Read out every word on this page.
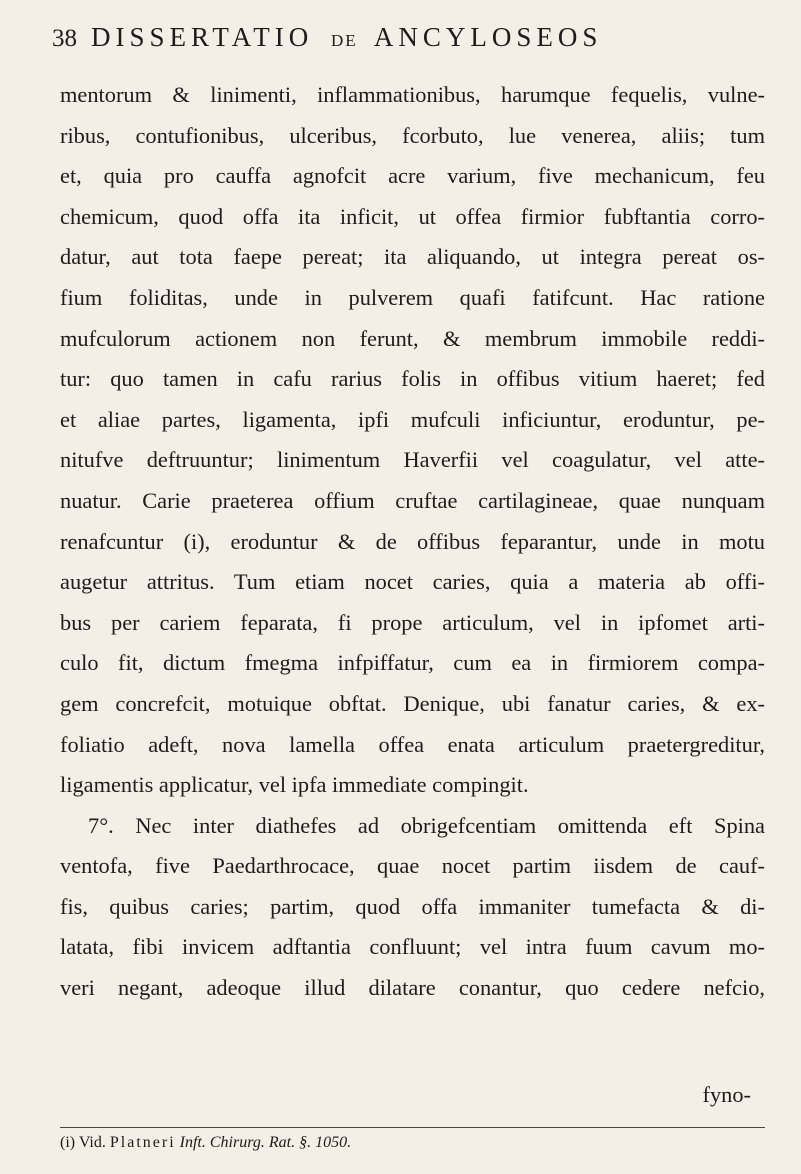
38 DISSERTATIO DE ANCYLOSEOS
mentorum & linimenti, inflammationibus, harumque fequelis, vulne-
ribus, contufionibus, ulceribus, fcorbuto, lue venerea, aliis; tum
et, quia pro cauffa agnofcit acre varium, five mechanicum, feu
chemicum, quod offa ita inficit, ut offea firmior fubftantia corro-
datur, aut tota faepe pereat; ita aliquando, ut integra pereat os-
fium foliditas, unde in pulverem quafi fatifcunt. Hac ratione
mufculorum actionem non ferunt, & membrum immobile reddi-
tur: quo tamen in cafu rarius folis in offibus vitium haeret; fed
et aliae partes, ligamenta, ipfi mufculi inficiuntur, eroduntur, pe-
nitufve deftruuntur; linimentum Haverfii vel coagulatur, vel atte-
nuatur. Carie praeterea offium cruftae cartilagineae, quae nunquam
renafcuntur (i), eroduntur & de offibus feparantur, unde in motu
augetur attritus. Tum etiam nocet caries, quia a materia ab offi-
bus per cariem feparata, fi prope articulum, vel in ipfomet arti-
culo fit, dictum fmegma infpiffatur, cum ea in firmiorem compa-
gem concrefcit, motuique obftat. Denique, ubi fanatur caries, & ex-
foliatio adeft, nova lamella offea enata articulum praetergreditur,
ligamentis applicatur, vel ipfa immediate compingit.
7°. Nec inter diathefes ad obrigefcentiam omittenda eft Spina
ventofa, five Paedarthrocace, quae nocet partim iisdem de cauf-
fis, quibus caries; partim, quod offa immaniter tumefacta & di-
latata, fibi invicem adftantia confluunt; vel intra fuum cavum mo-
veri negant, adeoque illud dilatare conantur, quo cedere nefcio,
fyno-
(i) Vid. Platneri Inft. Chirurg. Rat. §. 1050.
